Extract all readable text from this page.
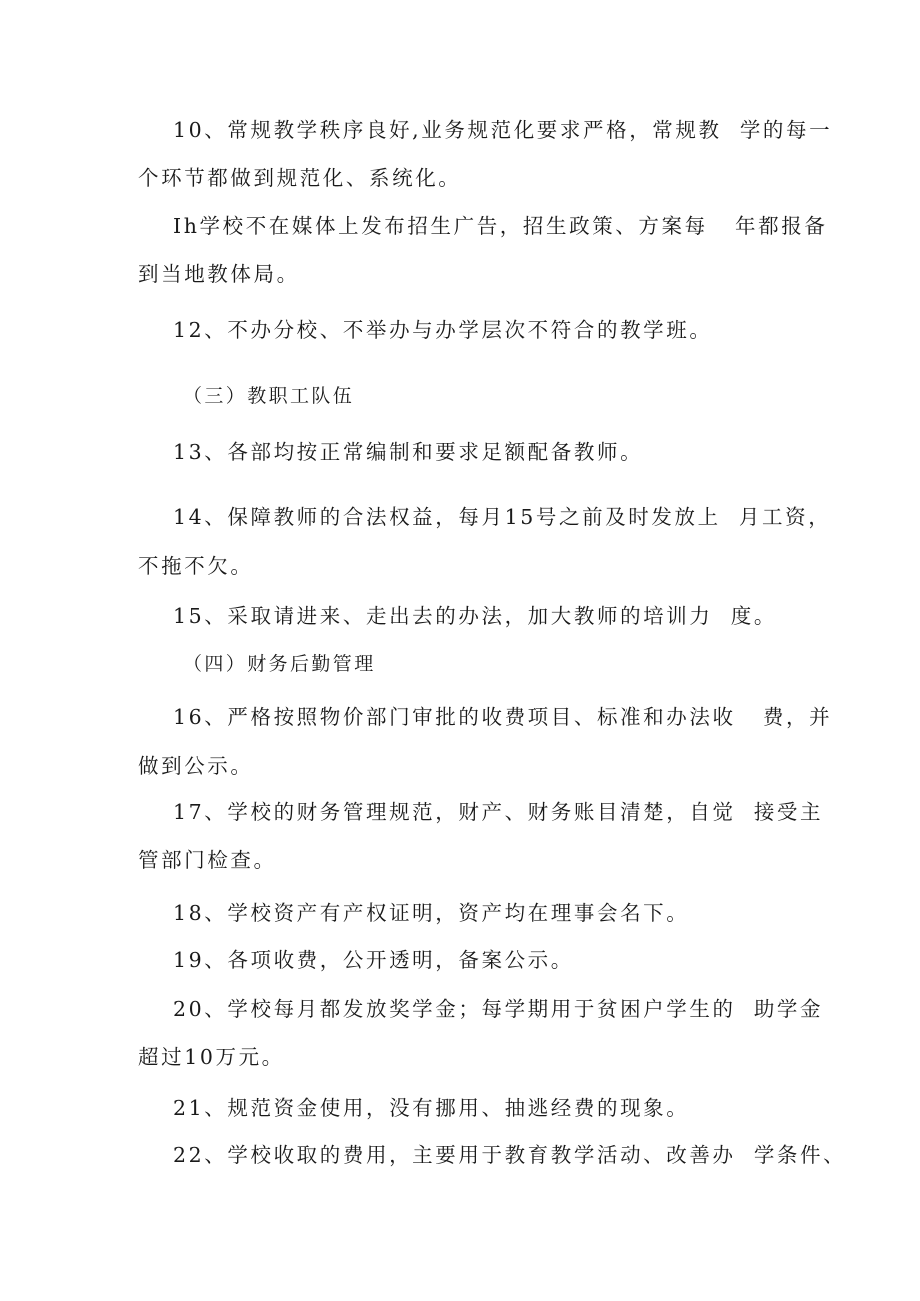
10、常规教学秩序良好,业务规范化要求严格，常规教  学的每一
个环节都做到规范化、系统化。
Ih学校不在媒体上发布招生广告，招生政策、方案每   年都报备
到当地教体局。
12、不办分校、不举办与办学层次不符合的教学班。
（三）教职工队伍
13、各部均按正常编制和要求足额配备教师。
14、保障教师的合法权益，每月15号之前及时发放上  月工资，
不拖不欠。
15、采取请进来、走出去的办法，加大教师的培训力  度。
（四）财务后勤管理
16、严格按照物价部门审批的收费项目、标准和办法收   费，并
做到公示。
17、学校的财务管理规范，财产、财务账目清楚，自觉  接受主
管部门检查。
18、学校资产有产权证明，资产均在理事会名下。
19、各项收费，公开透明，备案公示。
20、学校每月都发放奖学金；每学期用于贫困户学生的  助学金
超过10万元。
21、规范资金使用，没有挪用、抽逃经费的现象。
22、学校收取的费用，主要用于教育教学活动、改善办  学条件、
